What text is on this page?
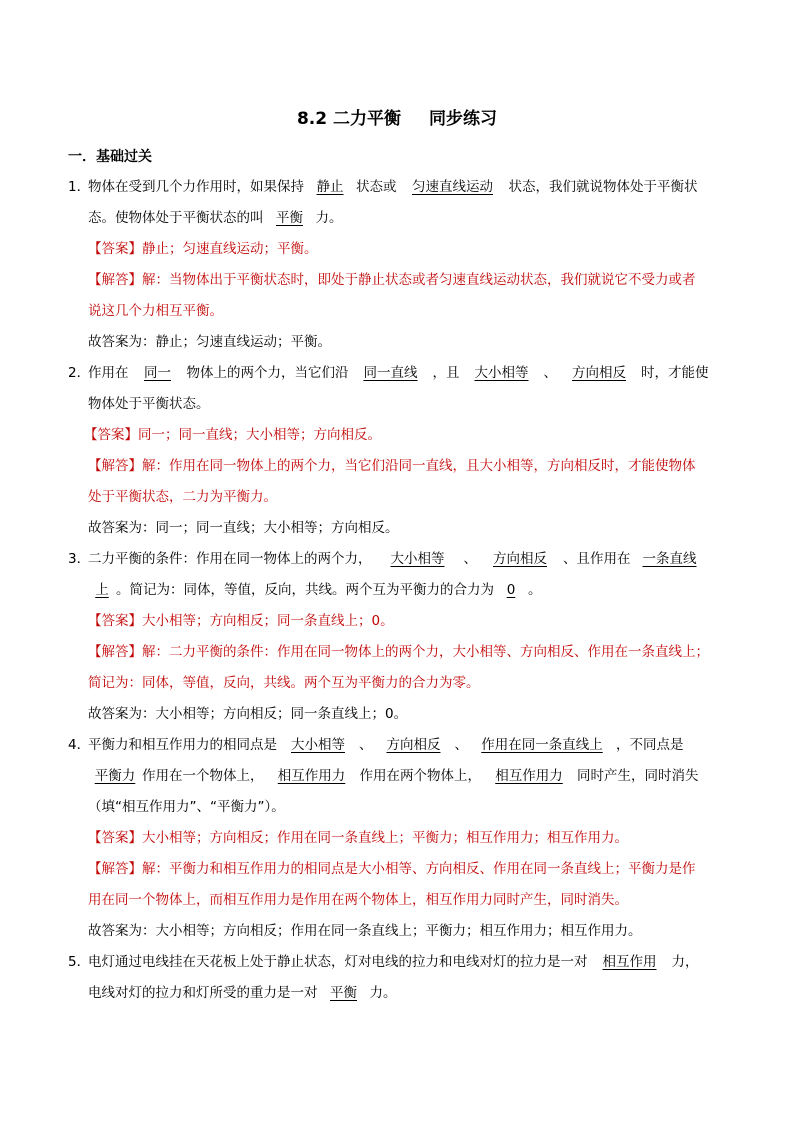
8.2 二力平衡 同步练习
一．基础过关
1．物体在受到几个力作用时，如果保持 静止 状态或 匀速直线运动 状态，我们就说物体处于平衡状
态。使物体处于平衡状态的叫 平衡 力。
【答案】静止；匀速直线运动；平衡。
【解答】解：当物体出于平衡状态时，即处于静止状态或者匀速直线运动状态，我们就说它不受力或者
说这几个力相互平衡。
故答案为：静止；匀速直线运动；平衡。
2．作用在 同一 物体上的两个力，当它们沿 同一直线 ，且 大小相等 、 方向相反 时，才能使
物体处于平衡状态。
【答案】同一；同一直线；大小相等；方向相反。
【解答】解：作用在同一物体上的两个力，当它们沿同一直线，且大小相等，方向相反时，才能使物体
处于平衡状态，二力为平衡力。
故答案为：同一；同一直线；大小相等；方向相反。
3．二力平衡的条件：作用在同一物体上的两个力， 大小相等 、 方向相反 、且作用在 一条直线
上 。简记为：同体，等值，反向，共线。两个互为平衡力的合力为 0 。
【答案】大小相等；方向相反；同一条直线上；0。
【解答】解：二力平衡的条件：作用在同一物体上的两个力，大小相等、方向相反、作用在一条直线上；
简记为：同体，等值，反向，共线。两个互为平衡力的合力为零。
故答案为：大小相等；方向相反；同一条直线上；0。
4．平衡力和相互作用力的相同点是 大小相等 、 方向相反 、 作用在同一条直线上 ，不同点是
平衡力 作用在一个物体上， 相互作用力 作用在两个物体上， 相互作用力 同时产生，同时消失
（填“相互作用力”、“平衡力”）。
【答案】大小相等；方向相反；作用在同一条直线上；平衡力；相互作用力；相互作用力。
【解答】解：平衡力和相互作用力的相同点是大小相等、方向相反、作用在同一条直线上；平衡力是作
用在同一个物体上，而相互作用力是作用在两个物体上，相互作用力同时产生，同时消失。
故答案为：大小相等；方向相反；作用在同一条直线上；平衡力；相互作用力；相互作用力。
5．电灯通过电线挂在天花板上处于静止状态，灯对电线的拉力和电线对灯的拉力是一对 相互作用 力，
电线对灯的拉力和灯所受的重力是一对 平衡 力。
